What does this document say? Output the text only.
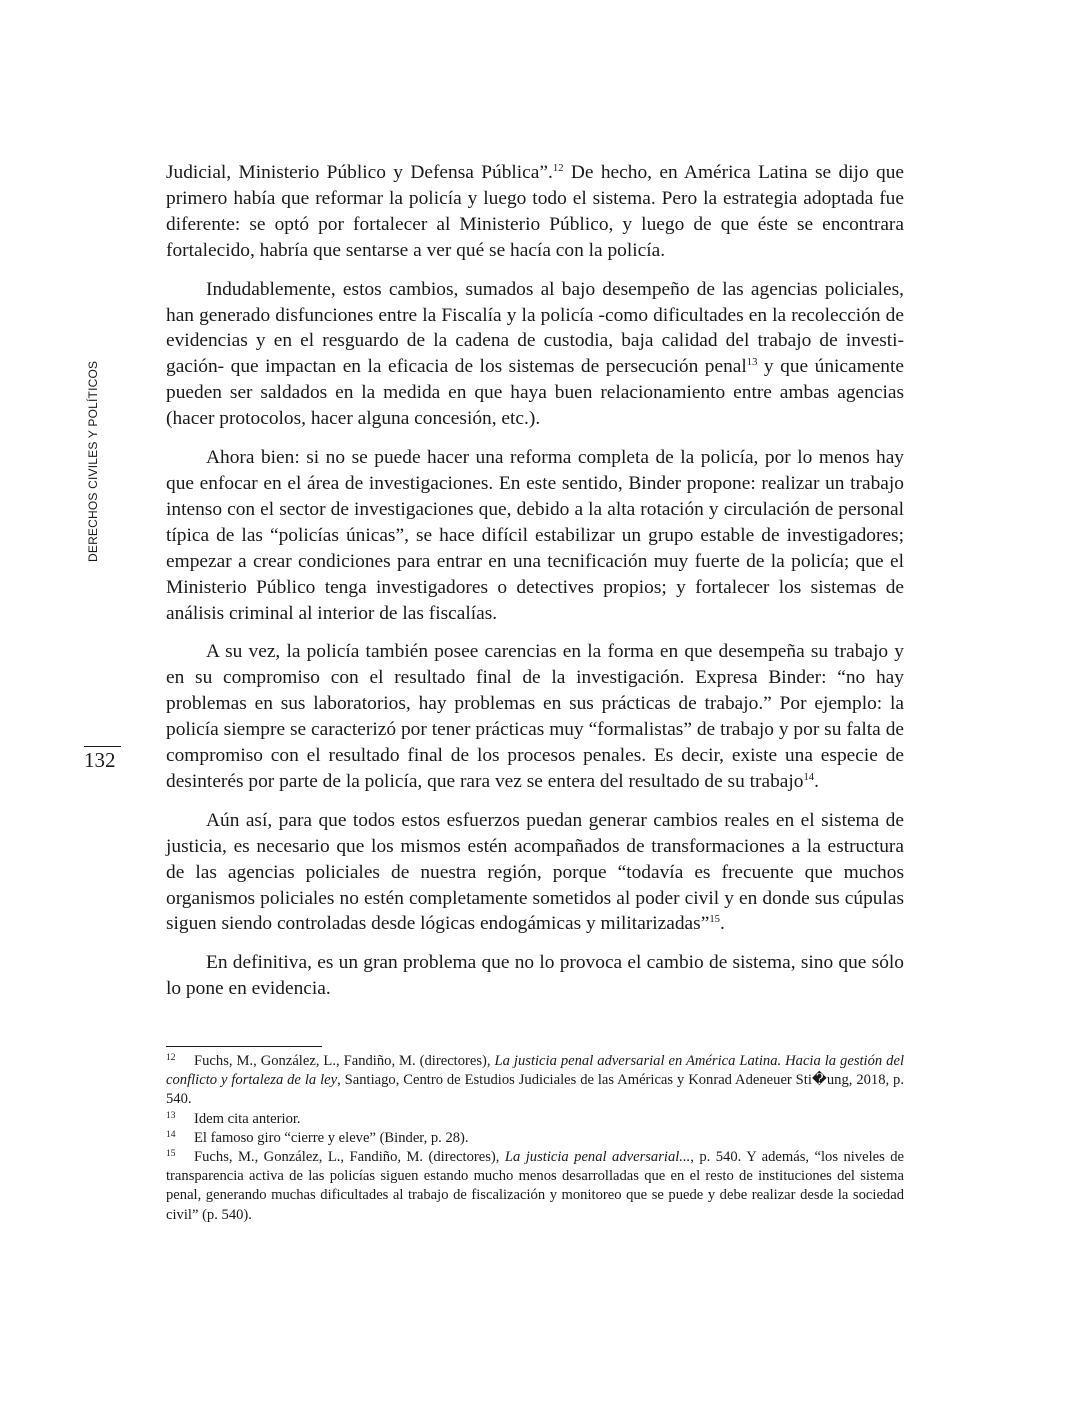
DERECHOS CIVILES Y POLÍTICOS
132

Judicial, Ministerio Público y Defensa Pública”.$^{12}$ De hecho, en América Latina se dijo que primero había que reformar la policía y luego todo el sistema. Pero la estrategia adoptada fue diferente: se optó por fortalecer al Ministerio Público, y luego de que éste se encontrara fortalecido, habría que sentarse a ver qué se hacía con la policía.

Indudablemente, estos cambios, sumados al bajo desempeño de las agencias policiales, han generado disfunciones entre la Fiscalía y la policía -como dificultades en la recolección de evidencias y en el resguardo de la cadena de custodia, baja calidad del trabajo de investigación- que impactan en la eficacia de los sistemas de persecución penal$^{13}$ y que únicamente pueden ser saldados en la medida en que haya buen relacionamiento entre ambas agencias (hacer protocolos, hacer alguna concesión, etc.).

Ahora bien: si no se puede hacer una reforma completa de la policía, por lo menos hay que enfocar en el área de investigaciones. En este sentido, Binder propone: realizar un trabajo intenso con el sector de investigaciones que, debido a la alta rotación y circulación de personal típica de las “policías únicas”, se hace difícil estabilizar un grupo estable de investigadores; empezar a crear condiciones para entrar en una tecnificación muy fuerte de la policía; que el Ministerio Público tenga investigadores o detectives propios; y fortalecer los sistemas de análisis criminal al interior de las fiscalías.

A su vez, la policía también posee carencias en la forma en que desempeña su trabajo y en su compromiso con el resultado final de la investigación. Expresa Binder: “no hay problemas en sus laboratorios, hay problemas en sus prácticas de trabajo.” Por ejemplo: la policía siempre se caracterizó por tener prácticas muy “formalistas” de trabajo y por su falta de compromiso con el resultado final de los procesos penales. Es decir, existe una especie de desinterés por parte de la policía, que rara vez se entera del resultado de su trabajo$^{14}$.

Aún así, para que todos estos esfuerzos puedan generar cambios reales en el sistema de justicia, es necesario que los mismos estén acompañados de transformaciones a la estructura de las agencias policiales de nuestra región, porque “todavía es frecuente que muchos organismos policiales no estén completamente sometidos al poder civil y en donde sus cúpulas siguen siendo controladas desde lógicas endogámicas y militarizadas”$^{15}$.

En definitiva, es un gran problema que no lo provoca el cambio de sistema, sino que sólo lo pone en evidencia.

12 Fuchs, M., González, L., Fandiño, M. (directores), La justicia penal adversarial en América Latina. Hacia la gestión del conflicto y fortaleza de la ley, Santiago, Centro de Estudios Judiciales de las Américas y Konrad Adeneuer Sti�ung, 2018, p. 540.

13 Idem cita anterior.

14 El famoso giro “cierre y eleve” (Binder, p. 28).

15 Fuchs, M., González, L., Fandiño, M. (directores), La justicia penal adversarial..., p. 540. Y además, “los niveles de transparencia activa de las policías siguen estando mucho menos desarrolladas que en el resto de instituciones del sistema penal, generando muchas dificultades al trabajo de fiscalización y monitoreo que se puede y debe realizar desde la sociedad civil” (p. 540).
